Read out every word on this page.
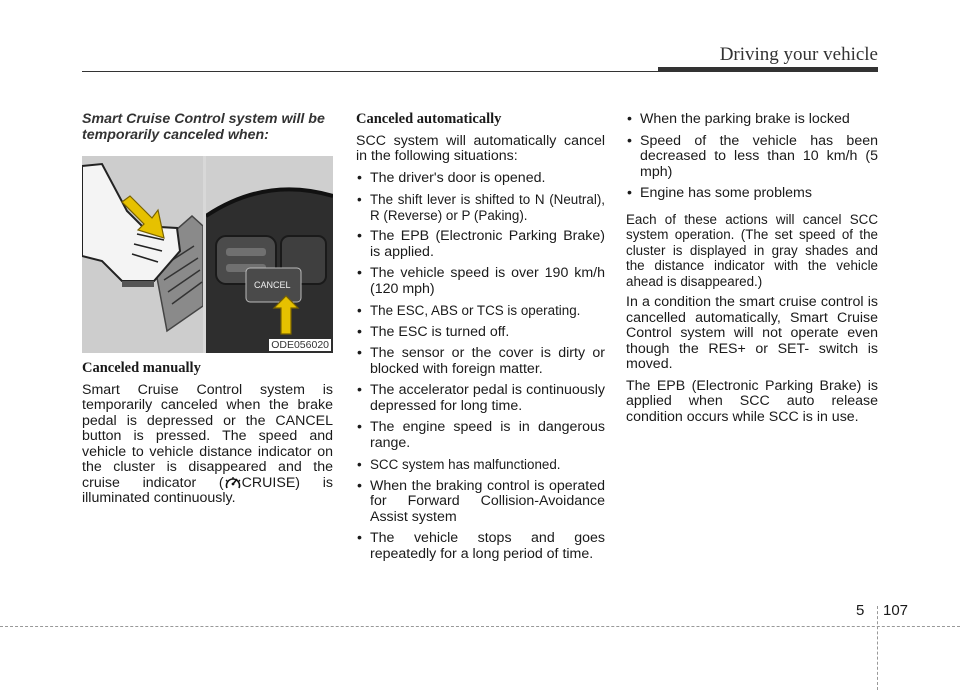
Driving your vehicle
Smart Cruise Control system will be temporarily canceled when:
CANCEL
ODE056020
Canceled manually

Smart Cruise Control system is temporarily canceled when the brake pedal is depressed or the CANCEL button is pressed. The speed and vehicle to vehicle distance indicator on the cluster is disappeared and the cruise indicator ( CRUISE) is illuminated continuously.

Canceled automatically

SCC system will automatically cancel in the following situations:

• The driver's door is opened.
• The shift lever is shifted to N (Neutral), R (Reverse) or P (Paking).
• The EPB (Electronic Parking Brake) is applied.
• The vehicle speed is over 190 km/h (120 mph)
• The ESC, ABS or TCS is operating.
• The ESC is turned off.
• The sensor or the cover is dirty or blocked with foreign matter.
• The accelerator pedal is continuously depressed for long time.
• The engine speed is in dangerous range.
• SCC system has malfunctioned.
• When the braking control is operated for Forward Collision-Avoidance Assist system
• The vehicle stops and goes repeatedly for a long period of time.
• When the parking brake is locked
• Speed of the vehicle has been decreased to less than 10 km/h (5 mph)
• Engine has some problems

Each of these actions will cancel SCC system operation. (The set speed of the cluster is displayed in gray shades and the distance indicator with the vehicle ahead is disappeared.)

In a condition the smart cruise control is cancelled automatically, Smart Cruise Control system will not operate even though the RES+ or SET- switch is moved.

The EPB (Electronic Parking Brake) is applied when SCC auto release condition occurs while SCC is in use.

5 107
